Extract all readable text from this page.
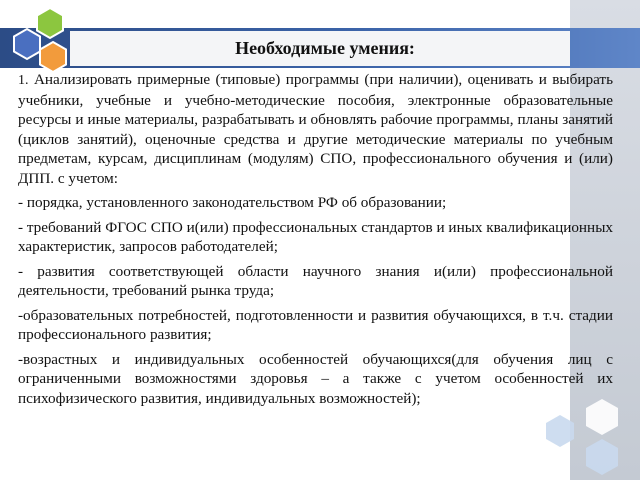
Необходимые умения:

1. Анализировать примерные (типовые) программы (при наличии), оценивать и выбирать учебники, учебные и учебно-методические пособия, электронные образовательные ресурсы и иные материалы, разрабатывать и обновлять рабочие программы, планы занятий (циклов занятий), оценочные средства и другие методические материалы по учебным предметам, курсам, дисциплинам (модулям) СПО, профессионального обучения и (или) ДПП. с учетом:

- порядка, установленного законодательством РФ об образовании;

- требований ФГОС СПО и(или) профессиональных стандартов и иных квалификационных характеристик, запросов работодателей;

- развития соответствующей области научного знания и(или) профессиональной деятельности, требований рынка труда;

-образовательных потребностей, подготовленности и развития обучающихся, в т.ч. стадии профессионального развития;

-возрастных и индивидуальных особенностей обучающихся(для обучения лиц с ограниченными возможностями здоровья – а также с учетом особенностей их психофизического развития, индивидуальных возможностей);
